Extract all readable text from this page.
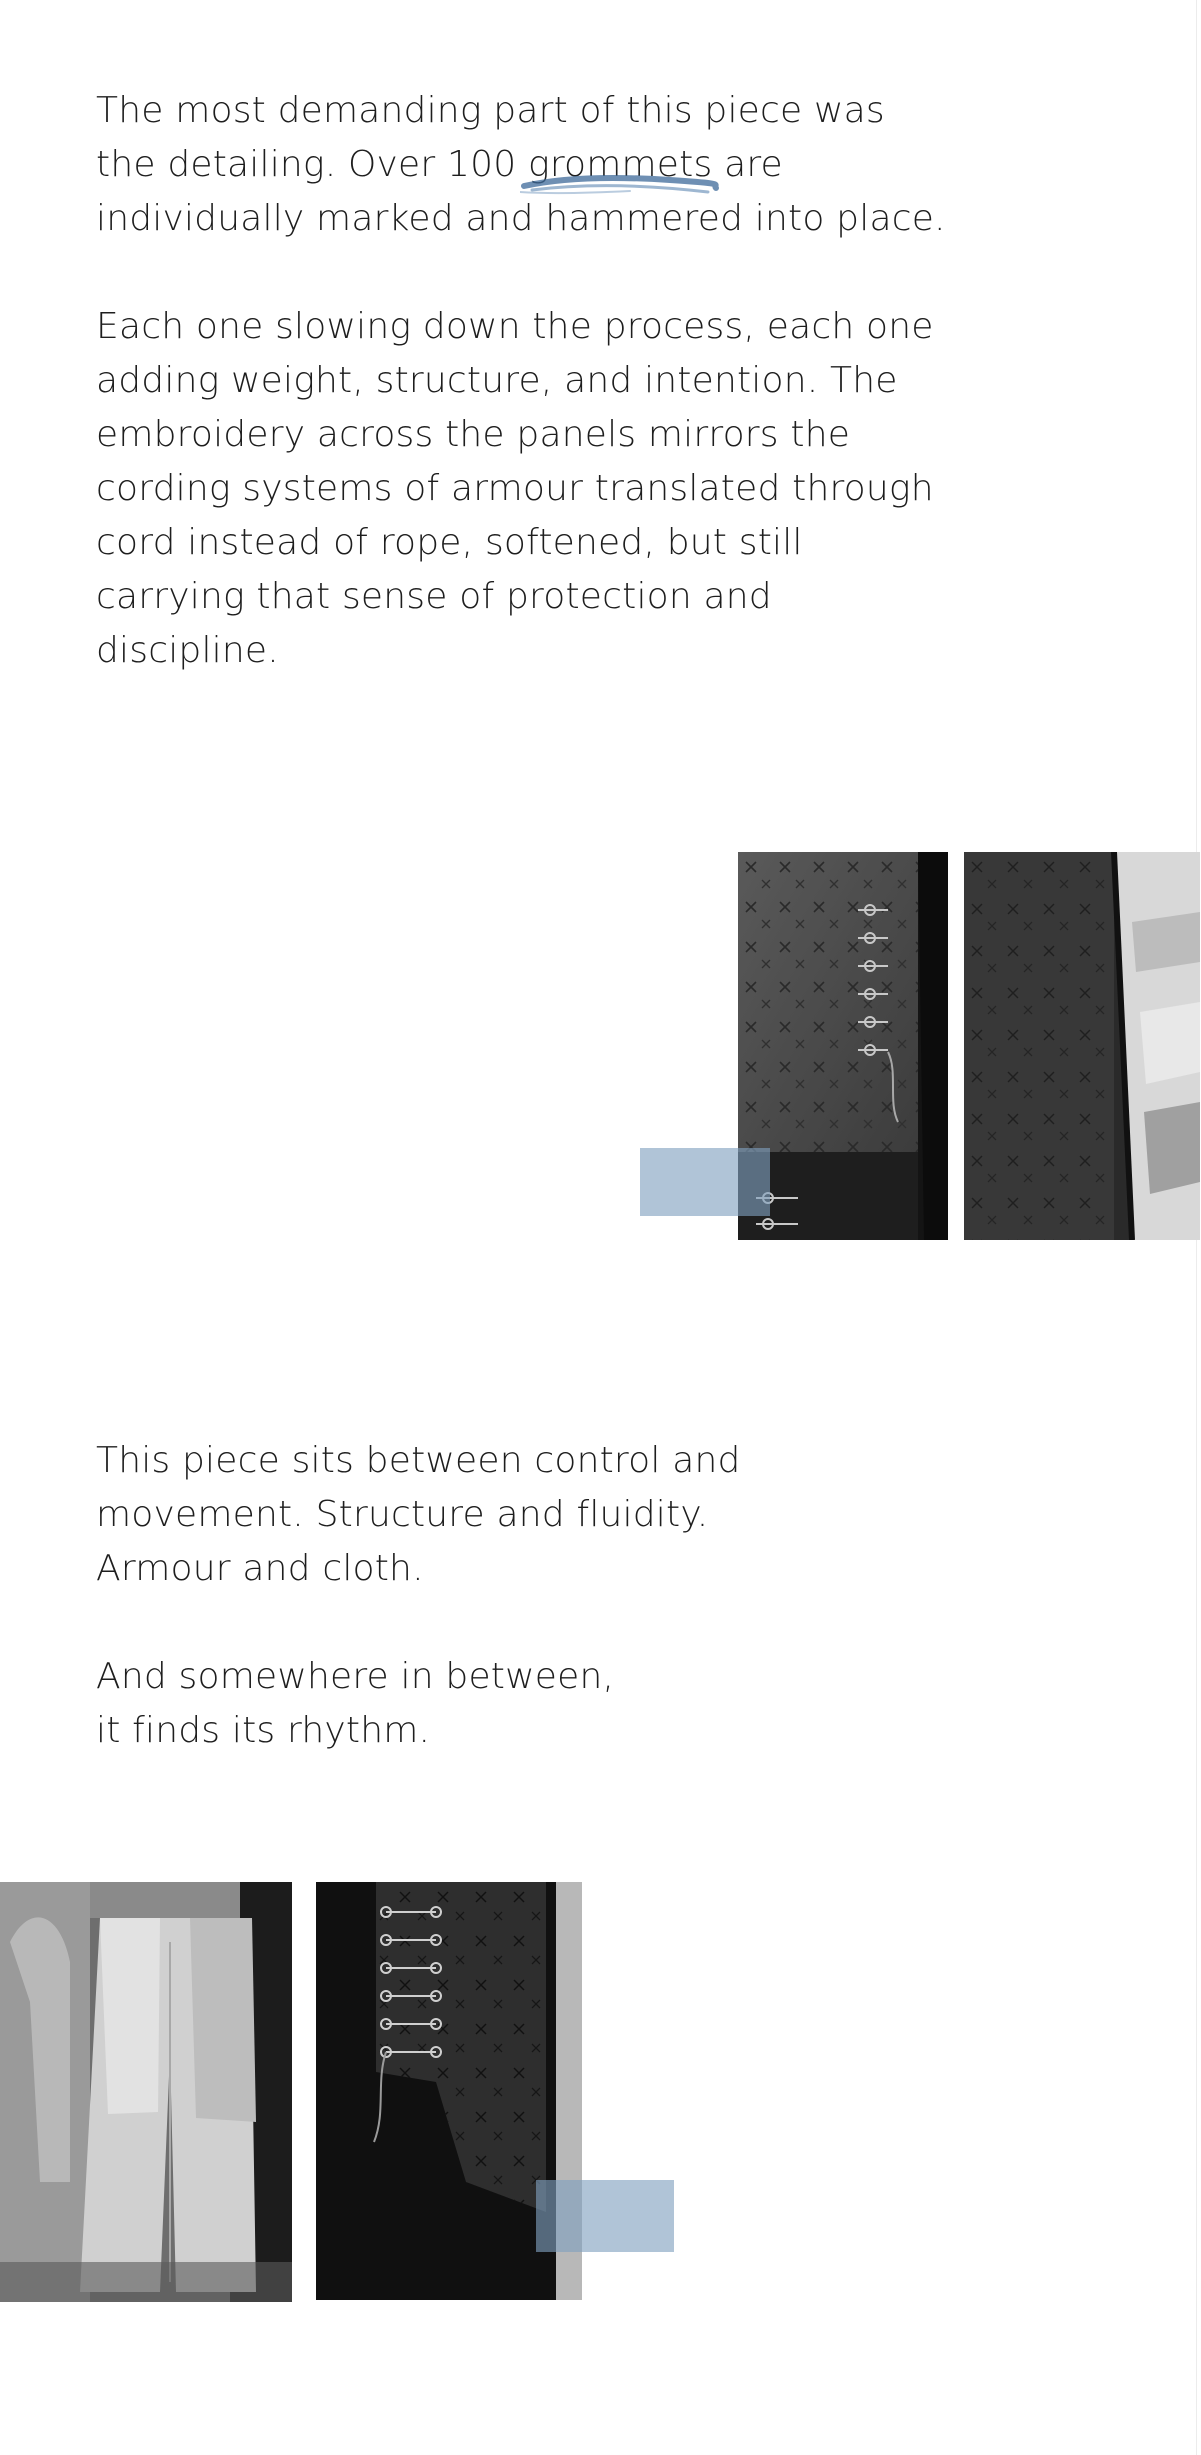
The most demanding part of this piece was the detailing. Over 100 grommets
are individually marked and hammered into place.

Each one slowing down the process, each one adding weight, structure, and intention. The embroidery across the panels mirrors the cording systems of armour translated through cord instead of rope, softened, but still carrying that sense of protection and discipline.

This piece sits between control and
movement. Structure and fluidity.
Armour and cloth.

And somewhere in between,
it finds its rhythm.
